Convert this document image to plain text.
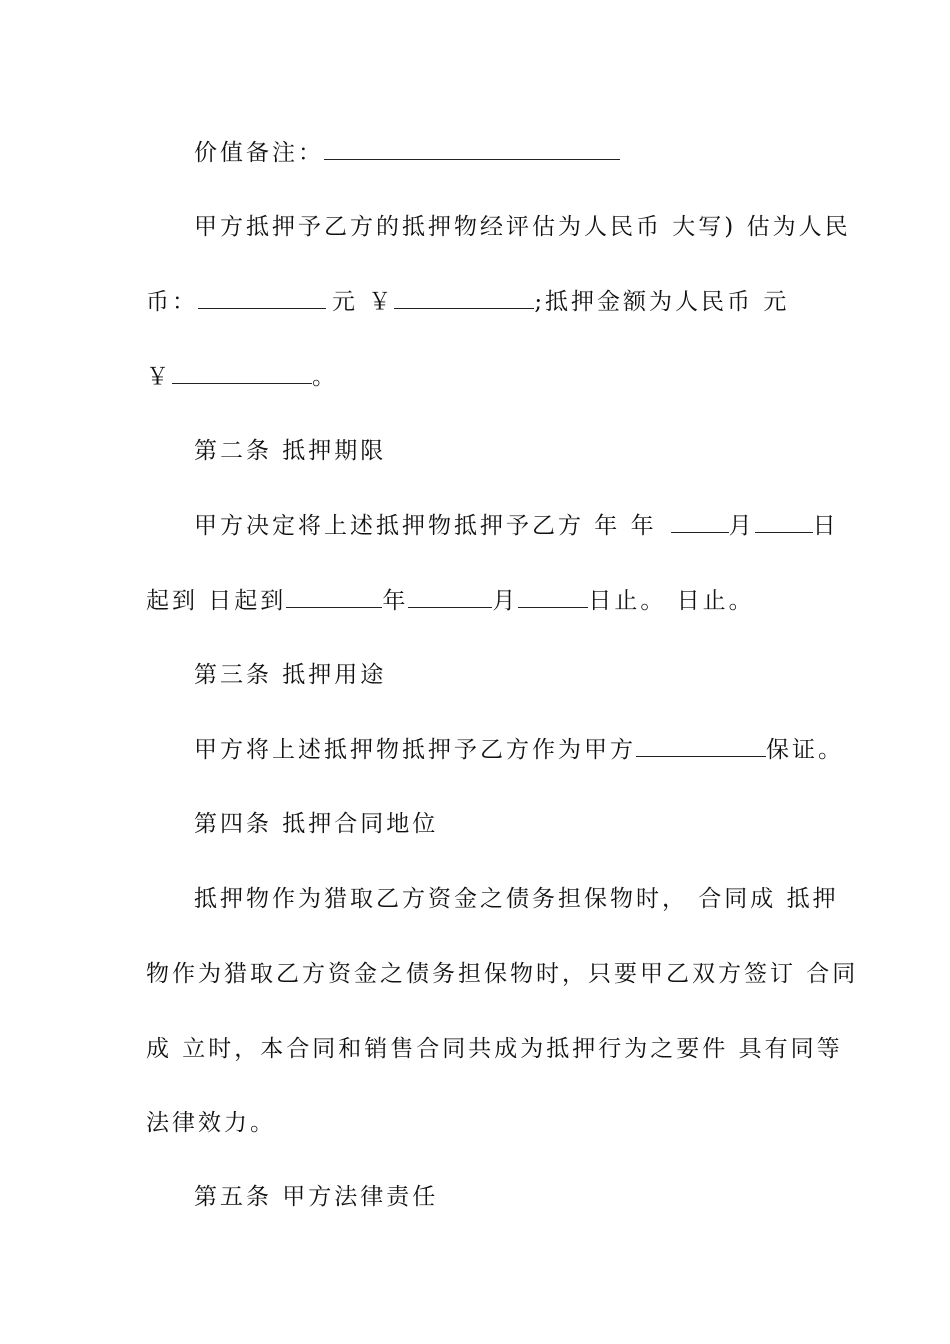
价值备注：
甲方抵押予乙方的抵押物经评估为人民币 大写) 估为人民
币：	元 ￥	;抵押金额为人民币 元
￥	。
第二条 抵押期限
甲方决定将上述抵押物抵押予乙方 年 年	月	日
起到 日起到	年	月	日止。 日止。
第三条 抵押用途
甲方将上述抵押物抵押予乙方作为甲方	保证。
第四条 抵押合同地位
抵押物作为猎取乙方资金之债务担保物时， 合同成 抵押
物作为猎取乙方资金之债务担保物时，只要甲乙双方签订 合同
成 立时，本合同和销售合同共成为抵押行为之要件 具有同等
法律效力。
第五条 甲方法律责任
